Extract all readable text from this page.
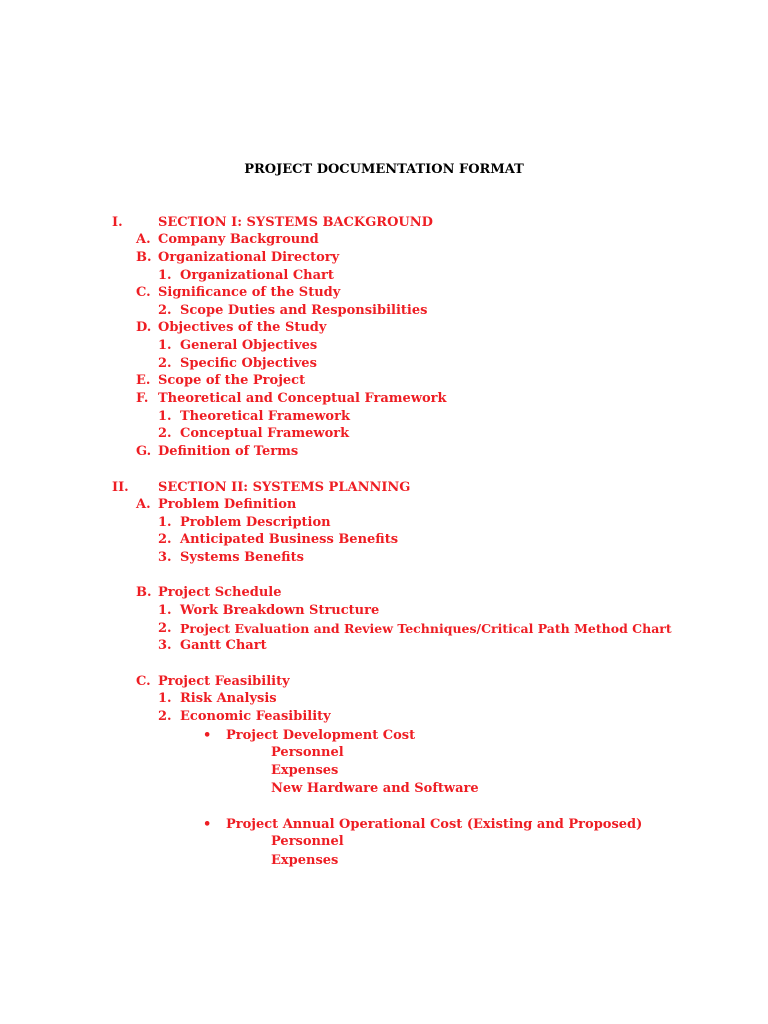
PROJECT DOCUMENTATION FORMAT
I.	SECTION I: SYSTEMS BACKGROUND
A. Company Background
B. Organizational Directory
1. Organizational Chart
C. Significance of the Study
2. Scope Duties and Responsibilities
D. Objectives of the Study
1. General Objectives
2. Specific Objectives
E. Scope of the Project
F. Theoretical and Conceptual Framework
1. Theoretical Framework
2. Conceptual Framework
G. Definition of Terms
II. SECTION II: SYSTEMS PLANNING
A. Problem Definition
1. Problem Description
2. Anticipated Business Benefits
3. Systems Benefits
B. Project Schedule
1. Work Breakdown Structure
2. Project Evaluation and Review Techniques/Critical Path Method Chart
3. Gantt Chart
C. Project Feasibility
1. Risk Analysis
2. Economic Feasibility
• Project Development Cost
Personnel
Expenses
New Hardware and Software
• Project Annual Operational Cost (Existing and Proposed)
Personnel
Expenses
